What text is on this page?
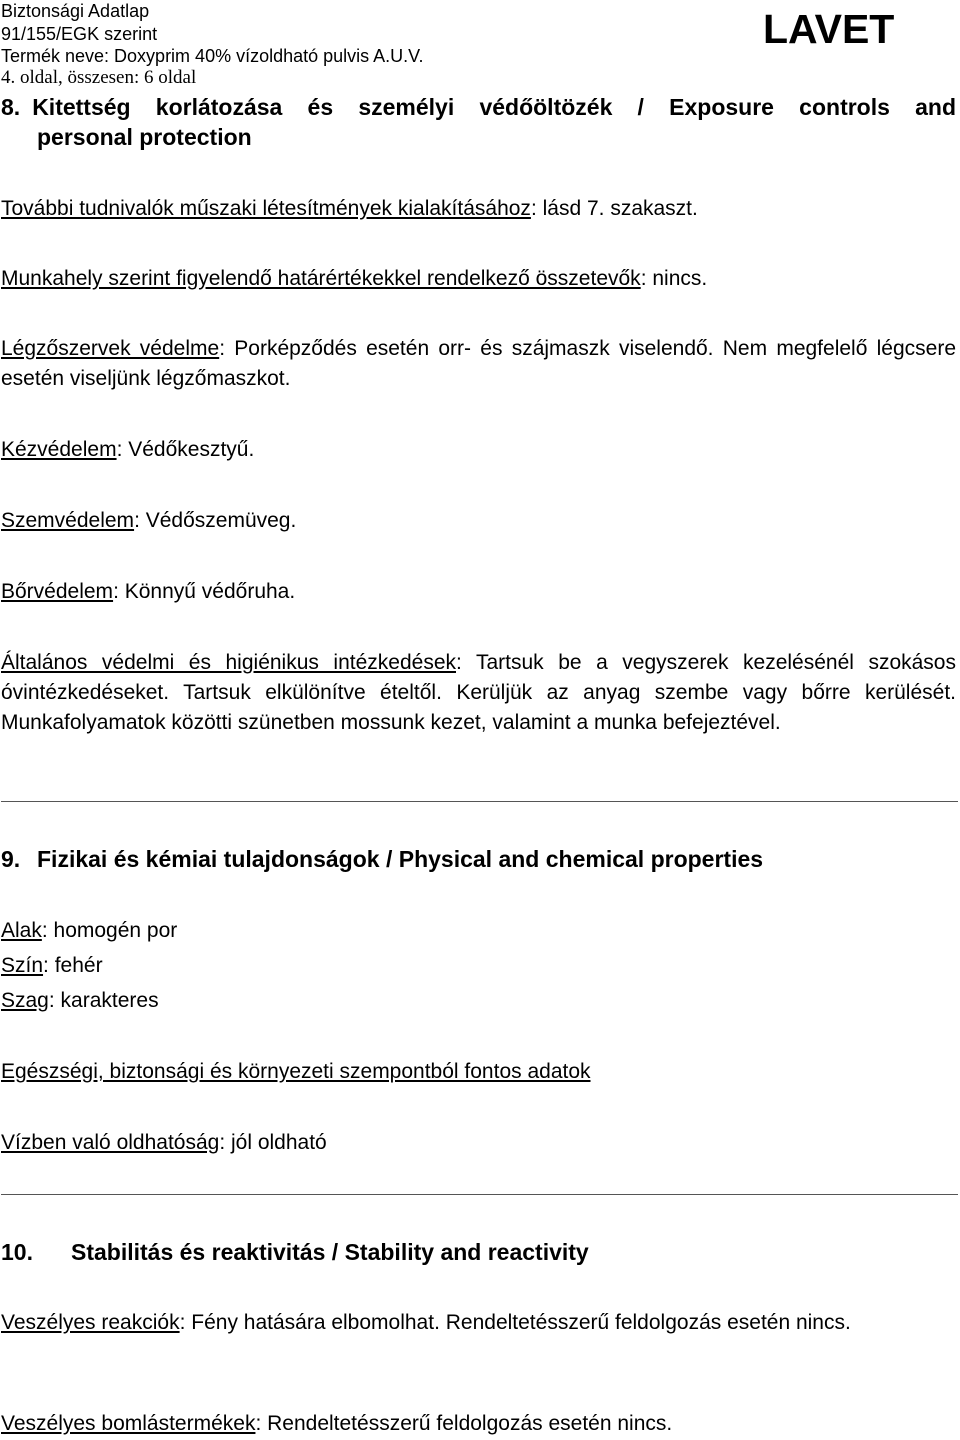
Biztonsági Adatlap
91/155/EGK szerint
Termék neve: Doxyprim 40% vízoldható pulvis A.U.V.
4. oldal, összesen: 6 oldal
LAVET
8. Kitettség korlátozása és személyi védőöltözék / Exposure controls and
personal protection

További tudnivalók műszaki létesítmények kialakításához: lásd 7. szakaszt.

Munkahely szerint figyelendő határértékekkel rendelkező összetevők: nincs.

Légzőszervek védelme: Porképződés esetén orr- és szájmaszk viselendő. Nem megfelelő légcsere esetén viseljünk légzőmaszkot.

Kézvédelem: Védőkesztyű.

Szemvédelem: Védőszemüveg.

Bőrvédelem: Könnyű védőruha.

Általános védelmi és higiénikus intézkedések: Tartsuk be a vegyszerek kezelésénél szokásos óvintézkedéseket. Tartsuk elkülönítve ételtől. Kerüljük az anyag szembe vagy bőrre kerülését. Munkafolyamatok közötti szünetben mossunk kezet, valamint a munka befejeztével.

9. Fizikai és kémiai tulajdonságok / Physical and chemical properties

Alak: homogén por

Szín: fehér

Szag: karakteres

Egészségi, biztonsági és környezeti szempontból fontos adatok

Vízben való oldhatóság: jól oldható

10. Stabilitás és reaktivitás / Stability and reactivity

Veszélyes reakciók: Fény hatására elbomolhat. Rendeltetésszerű feldolgozás esetén nincs.

Veszélyes bomlástermékek: Rendeltetésszerű feldolgozás esetén nincs.
